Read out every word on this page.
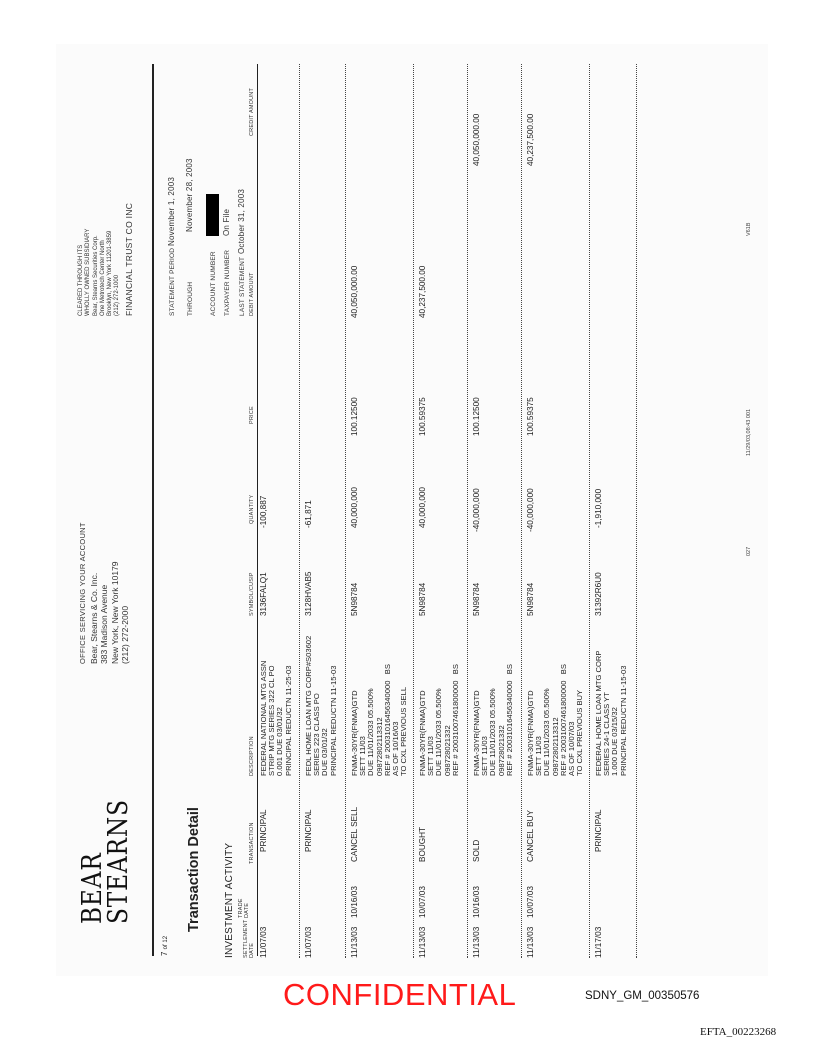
BEAR
STEARNS
OFFICE SERVICING YOUR ACCOUNT Bear, Stearns & Co. Inc. 383 Madison Avenue New York, New York 10179 (212) 272-2000
CLEARED THROUGH ITS WHOLLY OWNED SUBSIDIARY Bear, Stearns Securities Corp. One Metrotech Center North Brooklyn, New York 11201-3859 (212) 272-1000 FINANCIAL TRUST CO INC
7 of 12
Transaction Detail INVESTMENT ACTIVITY
STATEMENT PERIOD
November 1, 2003
THROUGH
November 28, 2003
ACCOUNT NUMBER TAXPAYER NUMBER
On File
LAST STATEMENT
October 31, 2003
SETTLEMENT DATE
TRADE DATE
TRANSACTION
DESCRIPTION
SYMBOL/CUSIP
QUANTITY
PRICE
DEBIT AMOUNT
CREDIT AMOUNT
11/07/03
PRINCIPAL
FEDERAL NATIONAL MTG ASSN
STRIP MTG SERIES 322 CL PO
0.001 DUE 03/01/32
PRINCIPAL REDUCTN 11-25-03
3136FALQ1
-100,887
11/07/03
PRINCIPAL
FEDL HOME LOAN MTG CORP#S03602
SERIES 223 CLASS PO
DUE 03/01/32
PRINCIPAL REDUCTN 11-15-03
3128HVAB5
-61,871
11/13/03
10/16/03
CANCEL SELL
FNMA-30YR(FNMA)GTD
SETT 11/03
DUE 11/01/2033 05.500%
09872802113312
REF # 20031016456340000   BS
AS OF 10/16/03
TO CXL PREVIOUS SELL
5N98784
40,000,000
100.12500
40,050,000.00
11/13/03
10/07/03
BOUGHT
FNMA-30YR(FNMA)GTD
SETT 11/03
DUE 11/01/2033 05.500%
098728021332
REF # 20031007461800000   BS
5N98784
40,000,000
100.59375
40,237,500.00
11/13/03
10/16/03
SOLD
FNMA-30YR(FNMA)GTD
SETT 11/03
DUE 11/01/2033 05.500%
098728021332
REF # 20031016456340000   BS
5N98784
-40,000,000
100.12500
40,050,000.00
11/13/03
10/07/03
CANCEL BUY
FNMA-30YR(FNMA)GTD
SETT 11/03
DUE 11/01/2033 05.500%
09872802113312
REF # 20031007461800000   BS
AS OF 10/07/03
TO CXL PREVIOUS BUY
5N98784
-40,000,000
100.59375
40,237,500.00
11/17/03
PRINCIPAL
FEDERAL HOME LOAN MTG CORP
SERIES 24-1 CLASS YT
1.000 DUE 03/15/32
PRINCIPAL REDUCTN 11-15-03
31392R6U0
-1,910,000
027
11/29/03,08:43 001
V61B
CONFIDENTIAL	SDNY_GM_00350576
EFTA_00223268
